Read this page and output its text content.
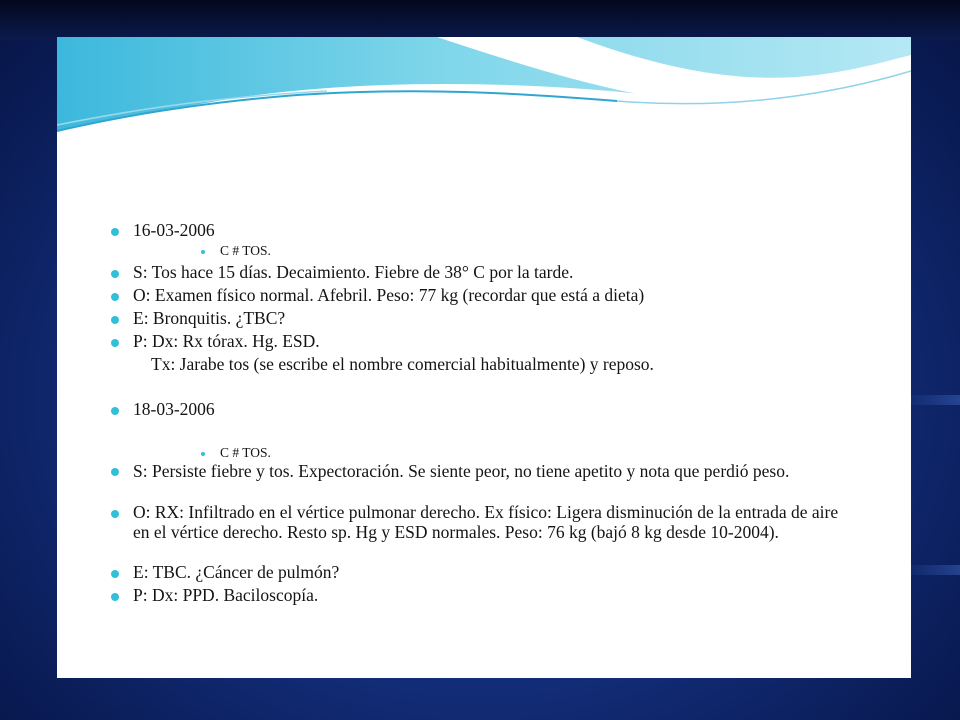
16-03-2006
C # TOS.
S: Tos hace 15 días. Decaimiento. Fiebre de 38° C por la tarde.
O: Examen físico normal. Afebril. Peso: 77 kg (recordar que está a dieta)
E: Bronquitis. ¿TBC?
P: Dx: Rx tórax. Hg. ESD.
Tx: Jarabe tos (se escribe el nombre comercial habitualmente) y reposo.
18-03-2006
C # TOS.
S: Persiste fiebre y tos. Expectoración. Se siente peor, no tiene apetito y nota que perdió peso.
O: RX: Infiltrado en el vértice pulmonar derecho. Ex físico: Ligera disminución de la entrada de aire en el vértice derecho. Resto sp. Hg y ESD normales. Peso: 76 kg (bajó 8 kg desde 10-2004).
E: TBC. ¿Cáncer de pulmón?
P: Dx: PPD. Baciloscopía.
